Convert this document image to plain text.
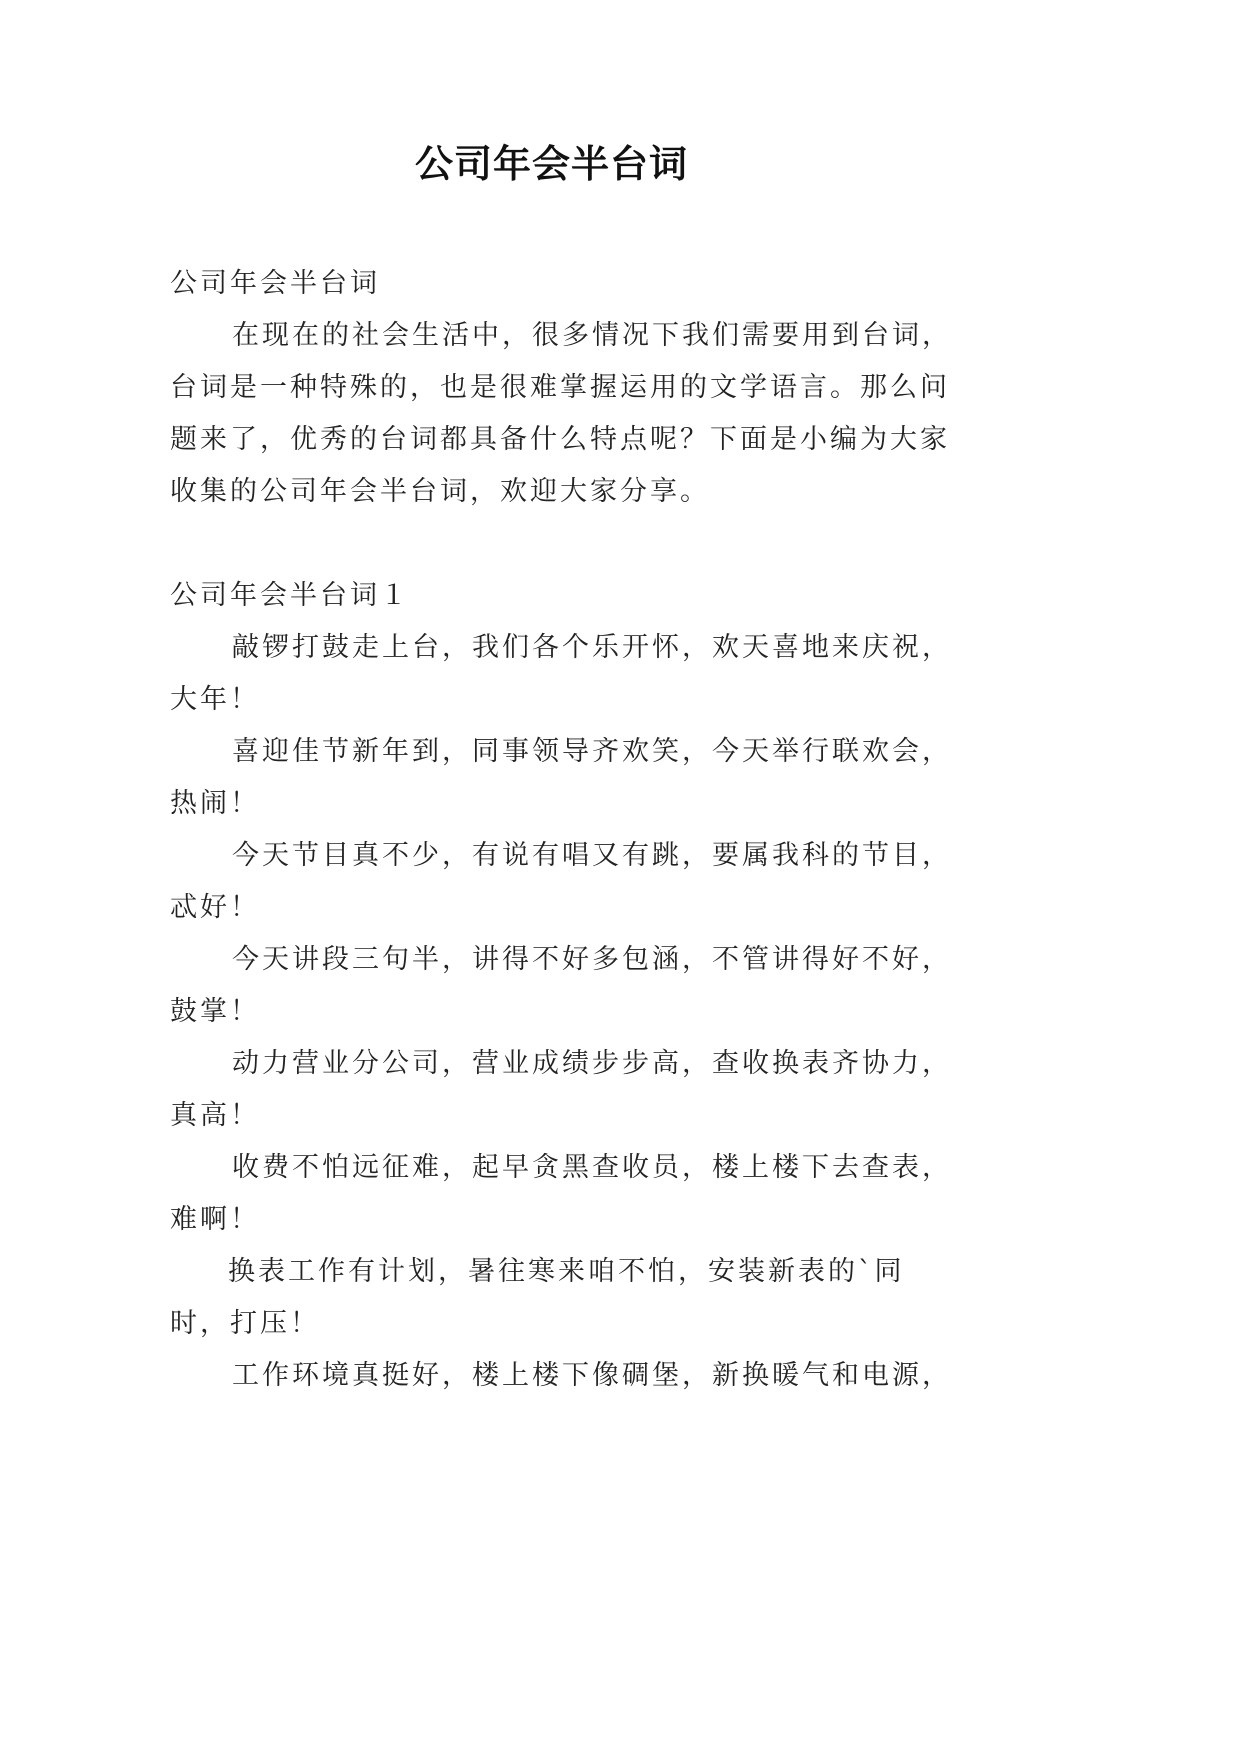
公司年会半台词

公司年会半台词

在现在的社会生活中，很多情况下我们需要用到台词，台词是一种特殊的，也是很难掌握运用的文学语言。那么问题来了，优秀的台词都具备什么特点呢？下面是小编为大家收集的公司年会半台词，欢迎大家分享。

公司年会半台词１

敲锣打鼓走上台，我们各个乐开怀，欢天喜地来庆祝，大年！

喜迎佳节新年到，同事领导齐欢笑，今天举行联欢会，热闹！

今天节目真不少，有说有唱又有跳，要属我科的节目，忒好！

今天讲段三句半，讲得不好多包涵，不管讲得好不好，鼓掌！

动力营业分公司，营业成绩步步高，查收换表齐协力，真高！

收费不怕远征难，起早贪黑查收员，楼上楼下去查表，难啊！

换表工作有计划，暑往寒来咱不怕，安装新表的`同时，打压！

工作环境真挺好，楼上楼下像碉堡，新换暖气和电源，
